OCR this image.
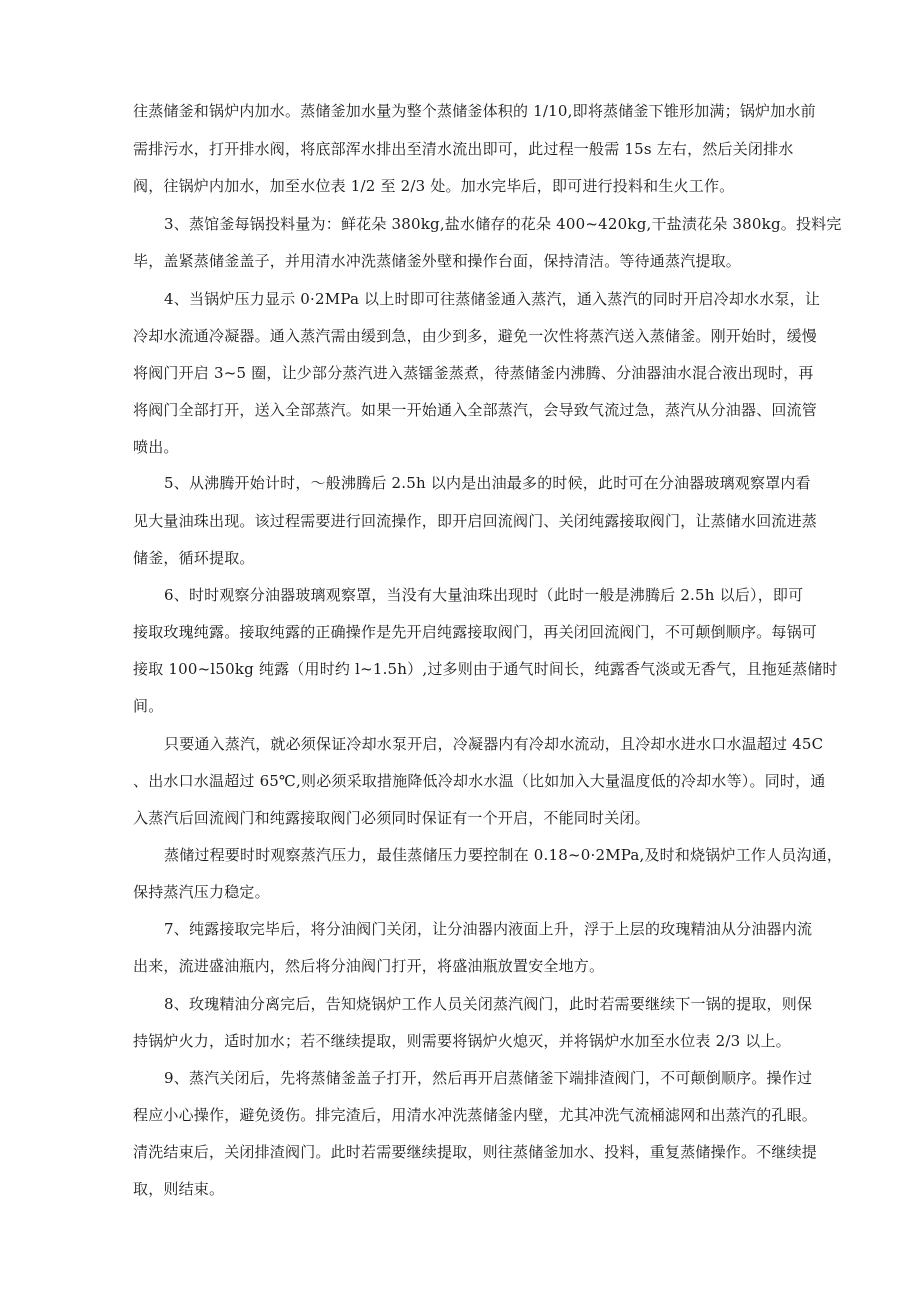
往蒸储釜和锅炉内加水。蒸储釜加水量为整个蒸储釜体积的 1/10,即将蒸储釜下锥形加满；锅炉加水前
需排污水，打开排水阀，将底部浑水排出至清水流出即可，此过程一般需 15s 左右，然后关闭排水
阀，往锅炉内加水，加至水位表 1/2 至 2/3 处。加水完毕后，即可进行投料和生火工作。
3、蒸馆釜每锅投料量为：鲜花朵 380kg,盐水储存的花朵 400~420kg,干盐渍花朵 380kg。投料完
毕，盖紧蒸储釜盖子，并用清水冲洗蒸储釜外壁和操作台面，保持清洁。等待通蒸汽提取。
4、当锅炉压力显示 0·2MPa 以上时即可往蒸储釜通入蒸汽，通入蒸汽的同时开启冷却水水泵，让
冷却水流通冷凝器。通入蒸汽需由缓到急，由少到多，避免一次性将蒸汽送入蒸储釜。刚开始时，缓慢
将阀门开启 3~5 圈，让少部分蒸汽进入蒸镭釜蒸煮，待蒸储釜内沸腾、分油器油水混合液出现时，再
将阀门全部打开，送入全部蒸汽。如果一开始通入全部蒸汽，会导致气流过急，蒸汽从分油器、回流管
喷出。
5、从沸腾开始计时，～般沸腾后 2.5h 以内是出油最多的时候，此时可在分油器玻璃观察罩内看
见大量油珠出现。该过程需要进行回流操作，即开启回流阀门、关闭纯露接取阀门，让蒸储水回流进蒸
储釜，循环提取。
6、时时观察分油器玻璃观察罩，当没有大量油珠出现时（此时一般是沸腾后 2.5h 以后），即可
接取玫瑰纯露。接取纯露的正确操作是先开启纯露接取阀门，再关闭回流阀门，不可颠倒顺序。每锅可
接取 100~l50kg 纯露（用时约 l~1.5h）,过多则由于通气时间长，纯露香气淡或无香气，且拖延蒸储时
间。
只要通入蒸汽，就必须保证冷却水泵开启，冷凝器内有冷却水流动，且冷却水进水口水温超过 45C
、出水口水温超过 65℃,则必须采取措施降低冷却水水温（比如加入大量温度低的冷却水等）。同时，通
入蒸汽后回流阀门和纯露接取阀门必须同时保证有一个开启，不能同时关闭。
蒸储过程要时时观察蒸汽压力，最佳蒸储压力要控制在 0.18~0·2MPa,及时和烧锅炉工作人员沟通，
保持蒸汽压力稳定。
7、纯露接取完毕后，将分油阀门关闭，让分油器内液面上升，浮于上层的玫瑰精油从分油器内流
出来，流进盛油瓶内，然后将分油阀门打开，将盛油瓶放置安全地方。
8、玫瑰精油分离完后，告知烧锅炉工作人员关闭蒸汽阀门，此时若需要继续下一锅的提取，则保
持锅炉火力，适时加水；若不继续提取，则需要将锅炉火熄灭，并将锅炉水加至水位表 2/3 以上。
9、蒸汽关闭后，先将蒸储釜盖子打开，然后再开启蒸储釜下端排渣阀门，不可颠倒顺序。操作过
程应小心操作，避免烫伤。排完渣后，用清水冲洗蒸储釜内壁，尤其冲洗气流桶滤网和出蒸汽的孔眼。
清洗结束后，关闭排渣阀门。此时若需要继续提取，则往蒸储釜加水、投料，重复蒸储操作。不继续提
取，则结束。
